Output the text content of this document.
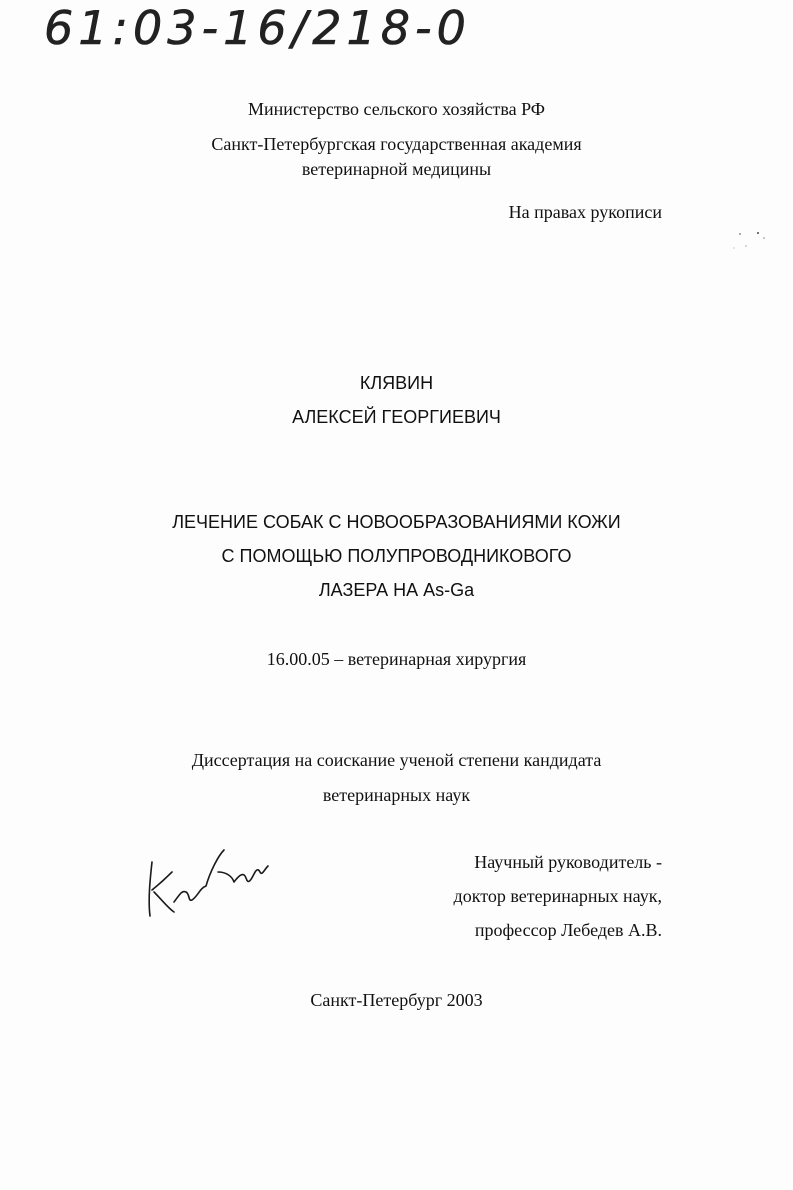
61:03-16/218-0
Министерство сельского хозяйства РФ
Санкт-Петербургская государственная академия
ветеринарной медицины
На правах рукописи
КЛЯВИН
АЛЕКСЕЙ ГЕОРГИЕВИЧ
ЛЕЧЕНИЕ СОБАК С НОВООБРАЗОВАНИЯМИ КОЖИ
С ПОМОЩЬЮ ПОЛУПРОВОДНИКОВОГО
ЛАЗЕРА НА As-Ga
16.00.05 – ветеринарная хирургия
Диссертация на соискание ученой степени кандидата
ветеринарных наук
Научный руководитель -
доктор ветеринарных наук,
профессор Лебедев А.В.
Санкт-Петербург 2003
